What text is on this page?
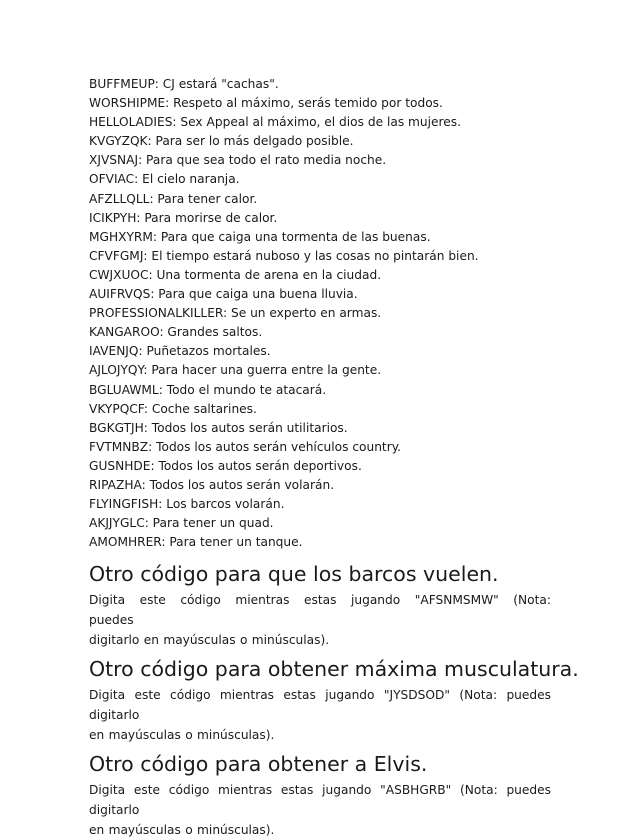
BUFFMEUP: CJ estará "cachas".
WORSHIPME: Respeto al máximo, serás temido por todos.
HELLOLADIES: Sex Appeal al máximo, el dios de las mujeres.
KVGYZQK: Para ser lo más delgado posible.
XJVSNAJ: Para que sea todo el rato media noche.
OFVIAC: El cielo naranja.
AFZLLQLL: Para tener calor.
ICIKPYH: Para morirse de calor.
MGHXYRM: Para que caiga una tormenta de las buenas.
CFVFGMJ: El tiempo estará nuboso y las cosas no pintarán bien.
CWJXUOC: Una tormenta de arena en la ciudad.
AUIFRVQS: Para que caiga una buena lluvia.
PROFESSIONALKILLER: Se un experto en armas.
KANGAROO: Grandes saltos.
IAVENJQ: Puñetazos mortales.
AJLOJYQY: Para hacer una guerra entre la gente.
BGLUAWML: Todo el mundo te atacará.
VKYPQCF: Coche saltarines.
BGKGTJH: Todos los autos serán utilitarios.
FVTMNBZ: Todos los autos serán vehículos country.
GUSNHDE: Todos los autos serán deportivos.
RIPAZHA: Todos los autos serán volarán.
FLYINGFISH: Los barcos volarán.
AKJJYGLC: Para tener un quad.
AMOMHRER: Para tener un tanque.
Otro código para que los barcos vuelen.

Digita este código mientras estas jugando "AFSNMSMW" (Nota: puedes
digitarlo en mayúsculas o minúsculas).

Otro código para obtener máxima musculatura.

Digita este código mientras estas jugando "JYSDSOD" (Nota: puedes digitarlo
en mayúsculas o minúsculas).

Otro código para obtener a Elvis.

Digita este código mientras estas jugando "ASBHGRB" (Nota: puedes digitarlo
en mayúsculas o minúsculas).
